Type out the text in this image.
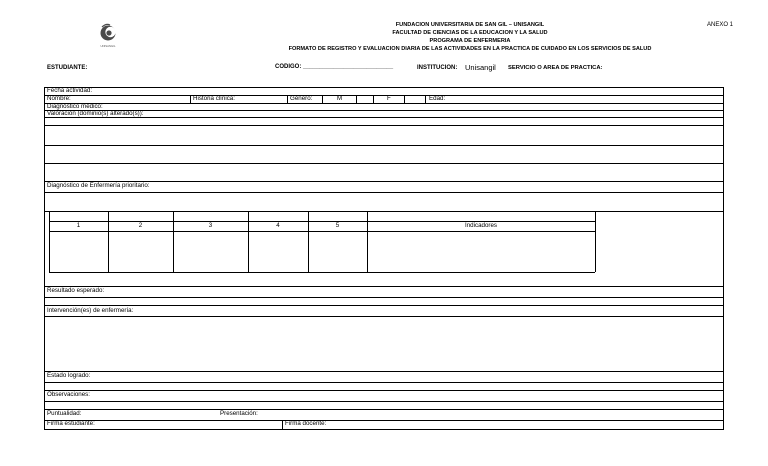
UNISANGIL
FUNDACION UNIVERSITARIA DE SAN GIL – UNISANGIL
FACULTAD DE CIENCIAS DE LA EDUCACION Y LA SALUD
PROGRAMA DE ENFERMERIA
FORMATO DE REGISTRO Y EVALUACION DIARIA DE LAS ACTIVIDADES EN LA PRACTICA DE CUIDADO EN LOS SERVICIOS DE SALUD
ANEXO 1
ESTUDIANTE:	CODIGO: ___________________________	INSTITUCION: Unisangil SERVICIO O AREA DE PRACTICA:
Fecha actividad:
Nombre:	Historia clínica:	Género:	M	F	Edad:
Diagnóstico médico:
Valoración (dominio(s) alterado(s)):
Diagnóstico de Enfermería prioritario:
1	2	3	4	5	Indicadores
Resultado esperado:
Intervención(es) de enfermería:
Estado logrado:
Observaciones:
Puntualidad:	Presentación:
Firma estudiante:	Firma docente:
